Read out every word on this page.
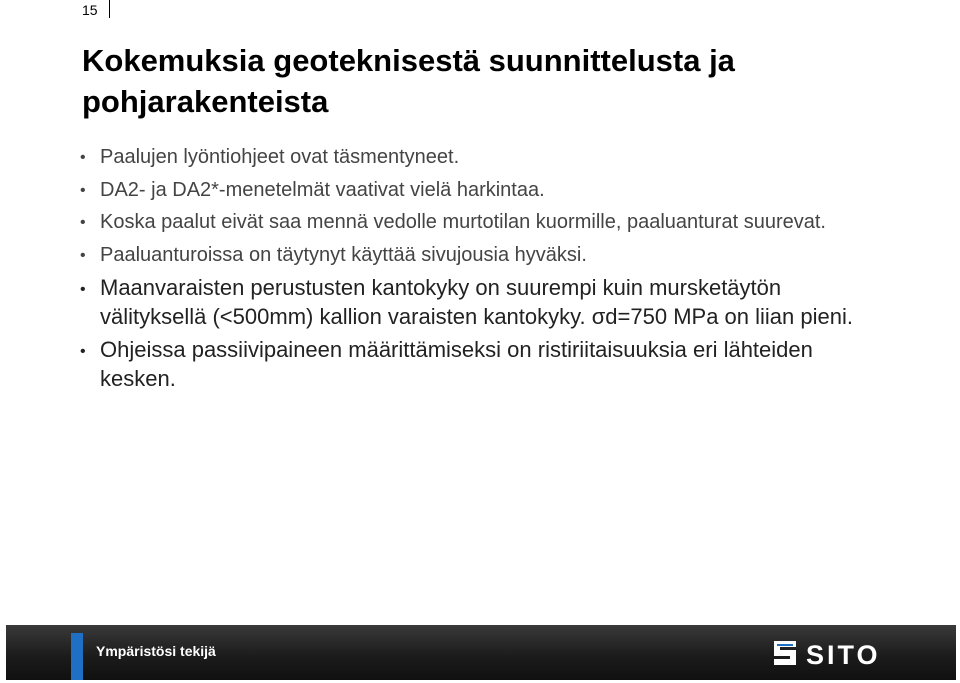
15
Kokemuksia geoteknisestä suunnittelusta ja pohjarakenteista
• Paalujen lyöntiohjeet ovat täsmentyneet.
• DA2- ja DA2*-menetelmät vaativat vielä harkintaa.
• Koska paalut eivät saa mennä vedolle murtotilan kuormille, paaluanturat suurevat.
• Paaluanturoissa on täytynyt käyttää sivujousia hyväksi.
• Maanvaraisten perustusten kantokyky on suurempi kuin mursketäytön välityksellä (<500mm) kallion varaisten kantokyky. σd=750 MPa on liian pieni.
• Ohjeissa passiivipaineen määrittämiseksi on ristiriitaisuuksia eri lähteiden kesken.
Ympäristösi tekijä	SITO
